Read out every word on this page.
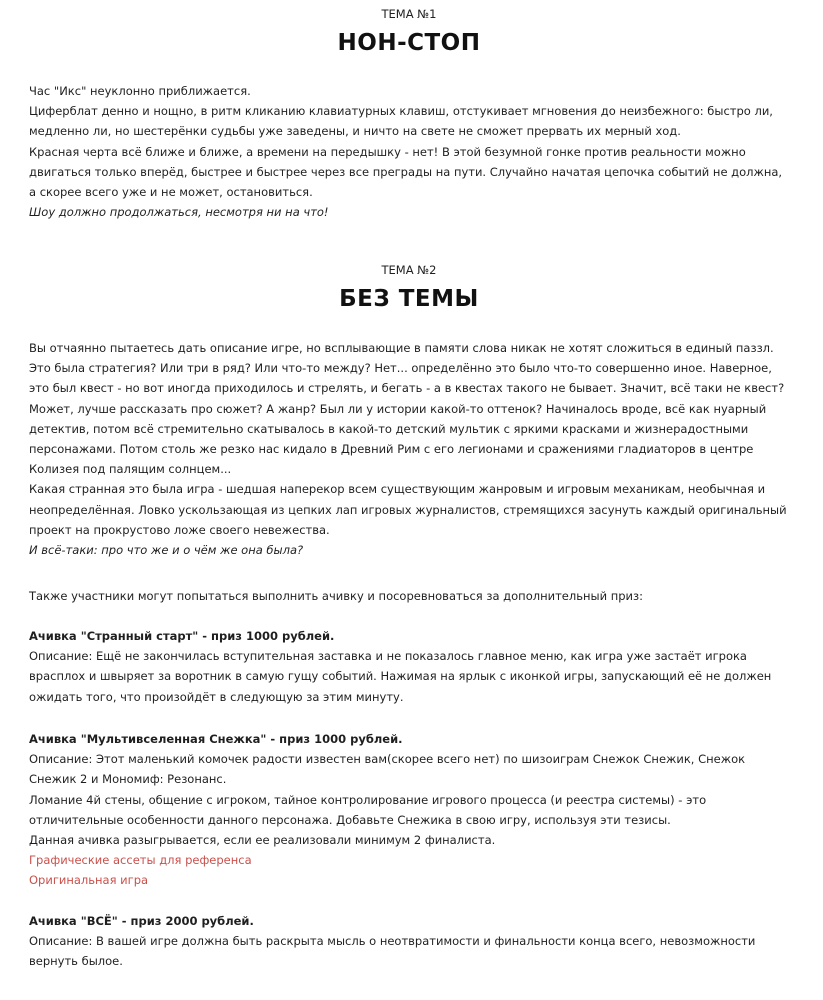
ТЕМА №1
НОН-СТОП

Час "Икс" неуклонно приближается.

Циферблат денно и нощно, в ритм кликанию клавиатурных клавиш, отстукивает мгновения до неизбежного: быстро ли, медленно ли, но шестерёнки судьбы уже заведены, и ничто на свете не сможет прервать их мерный ход.

Красная черта всё ближе и ближе, а времени на передышку - нет! В этой безумной гонке против реальности можно двигаться только вперёд, быстрее и быстрее через все преграды на пути. Случайно начатая цепочка событий не должна, а скорее всего уже и не может, остановиться.

Шоу должно продолжаться, несмотря ни на что!

ТЕМА №2
БЕЗ ТЕМЫ

Вы отчаянно пытаетесь дать описание игре, но всплывающие в памяти слова никак не хотят сложиться в единый паззл.

Это была стратегия? Или три в ряд? Или что-то между? Нет... определённо это было что-то совершенно иное. Наверное, это был квест - но вот иногда приходилось и стрелять, и бегать - а в квестах такого не бывает. Значит, всё таки не квест?

Может, лучше рассказать про сюжет? А жанр? Был ли у истории какой-то оттенок? Начиналось вроде, всё как нуарный детектив, потом всё стремительно скатывалось в какой-то детский мультик с яркими красками и жизнерадостными персонажами. Потом столь же резко нас кидало в Древний Рим с его легионами и сражениями гладиаторов в центре Колизея под палящим солнцем...

Какая странная это была игра - шедшая наперекор всем существующим жанровым и игровым механикам, необычная и неопределённая. Ловко ускользающая из цепких лап игровых журналистов, стремящихся засунуть каждый оригинальный проект на прокрустово ложе своего невежества.

И всё-таки: про что же и о чём же она была?

Также участники могут попытаться выполнить ачивку и посоревноваться за дополнительный приз:

Ачивка "Странный старт" - приз 1000 рублей.

Описание: Ещё не закончилась вступительная заставка и не показалось главное меню, как игра уже застаёт игрока врасплох и швыряет за воротник в самую гущу событий. Нажимая на ярлык с иконкой игры, запускающий её не должен ожидать того, что произойдёт в следующую за этим минуту.

Ачивка "Мультивселенная Снежка" - приз 1000 рублей.

Описание: Этот маленький комочек радости известен вам(скорее всего нет) по шизоиграм Снежок Снежик, Снежок Снежик 2 и Мономиф: Резонанс.

Ломание 4й стены, общение с игроком, тайное контролирование игрового процесса (и реестра системы) - это отличительные особенности данного персонажа. Добавьте Снежика в свою игру, используя эти тезисы.

Данная ачивка разыгрывается, если ее реализовали минимум 2 финалиста.

Графические ассеты для референса
Оригинальная игра

Ачивка "ВСЁ" - приз 2000 рублей.

Описание: В вашей игре должна быть раскрыта мысль о неотвратимости и финальности конца всего, невозможности вернуть былое.
